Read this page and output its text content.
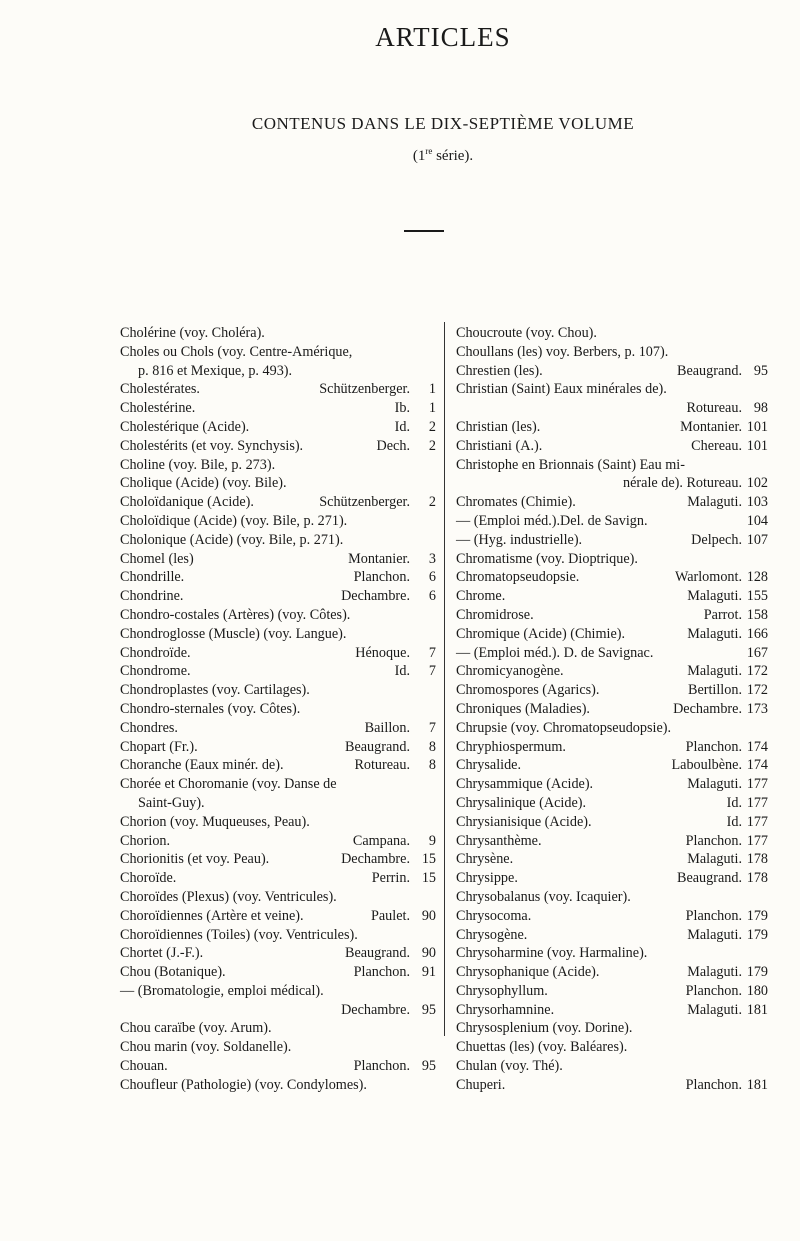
ARTICLES
CONTENUS DANS LE DIX-SEPTIÈME VOLUME
(1re série).
Cholérine (voy. Choléra).
Choles ou Chols (voy. Centre-Amérique,
p. 816 et Mexique, p. 493).
Cholestérates.	Schützenberger.	1
Cholestérine.	Ib.	1
Cholestérique (Acide).	Id.	2
Cholestérits (et voy. Synchysis).	Dech.	2
Choline (voy. Bile, p. 273).
Cholique (Acide) (voy. Bile).
Choloïdanique (Acide).	Schützenberger.	2
Choloïdique (Acide) (voy. Bile, p. 271).
Cholonique (Acide) (voy. Bile, p. 271).
Chomel (les)	Montanier.	3
Chondrille.	Planchon.	6
Chondrine.	Dechambre.	6
Chondro-costales (Artères) (voy. Côtes).
Chondroglosse (Muscle) (voy. Langue).
Chondroïde.	Hénoque.	7
Chondrome.	Id.	7
Chondroplastes (voy. Cartilages).
Chondro-sternales (voy. Côtes).
Chondres.	Baillon.	7
Chopart (Fr.).	Beaugrand.	8
Choranche (Eaux minér. de).	Rotureau.	8
Chorée et Choromanie (voy. Danse de
Saint-Guy).
Chorion (voy. Muqueuses, Peau).
Chorion.	Campana.	9
Chorionitis (et voy. Peau).	Dechambre. 15
Choroïde.	Perrin. 15
Choroïdes (Plexus) (voy. Ventricules).
Choroïdiennes (Artère et veine).	Paulet. 90
Choroïdiennes (Toiles) (voy. Ventricules).
Chortet (J.-F.).	Beaugrand. 90
Chou (Botanique).	Planchon. 91
— (Bromatologie, emploi médical).
Dechambre. 95
Chou caraïbe (voy. Arum).
Chou marin (voy. Soldanelle).
Chouan.	Planchon. 95
Choufleur (Pathologie) (voy. Condylomes).
Choucroute (voy. Chou).
Choullans (les) voy. Berbers, p. 107).
Chrestien (les).	Beaugrand. 95
Christian (Saint) Eaux minérales de).
Rotureau. 98
Christian (les).	Montanier. 101
Christiani (A.).	Chereau. 101
Christophe en Brionnais (Saint) Eau mi-
nérale de). Rotureau. 102
Chromates (Chimie).	Malaguti. 103
— (Emploi méd.).Del. de Savign.	104
— (Hyg. industrielle).	Delpech. 107
Chromatisme (voy. Dioptrique).
Chromatopseudopsie.	Warlomont. 128
Chrome.	Malaguti. 155
Chromidrose.	Parrot. 158
Chromique (Acide) (Chimie).	Malaguti. 166
— (Emploi méd.). D. de Savignac.	167
Chromicyanogène.	Malaguti. 172
Chromospores (Agarics).	Bertillon. 172
Chroniques (Maladies).	Dechambre. 173
Chrupsie (voy. Chromatopseudopsie).
Chryphiospermum.	Planchon. 174
Chrysalide.	Laboulbène. 174
Chrysammique (Acide).	Malaguti. 177
Chrysalinique (Acide).	Id. 177
Chrysianisique (Acide).	Id. 177
Chrysanthème.	Planchon. 177
Chrysène.	Malaguti. 178
Chrysippe.	Beaugrand. 178
Chrysobalanus (voy. Icaquier).
Chrysocoma.	Planchon. 179
Chrysogène.	Malaguti. 179
Chrysoharmine (voy. Harmaline).
Chrysophanique (Acide).	Malaguti. 179
Chrysophyllum.	Planchon. 180
Chrysorhamnine.	Malaguti. 181
Chrysosplenium (voy. Dorine).
Chuettas (les) (voy. Baléares).
Chulan (voy. Thé).
Chuperi.	Planchon. 181
